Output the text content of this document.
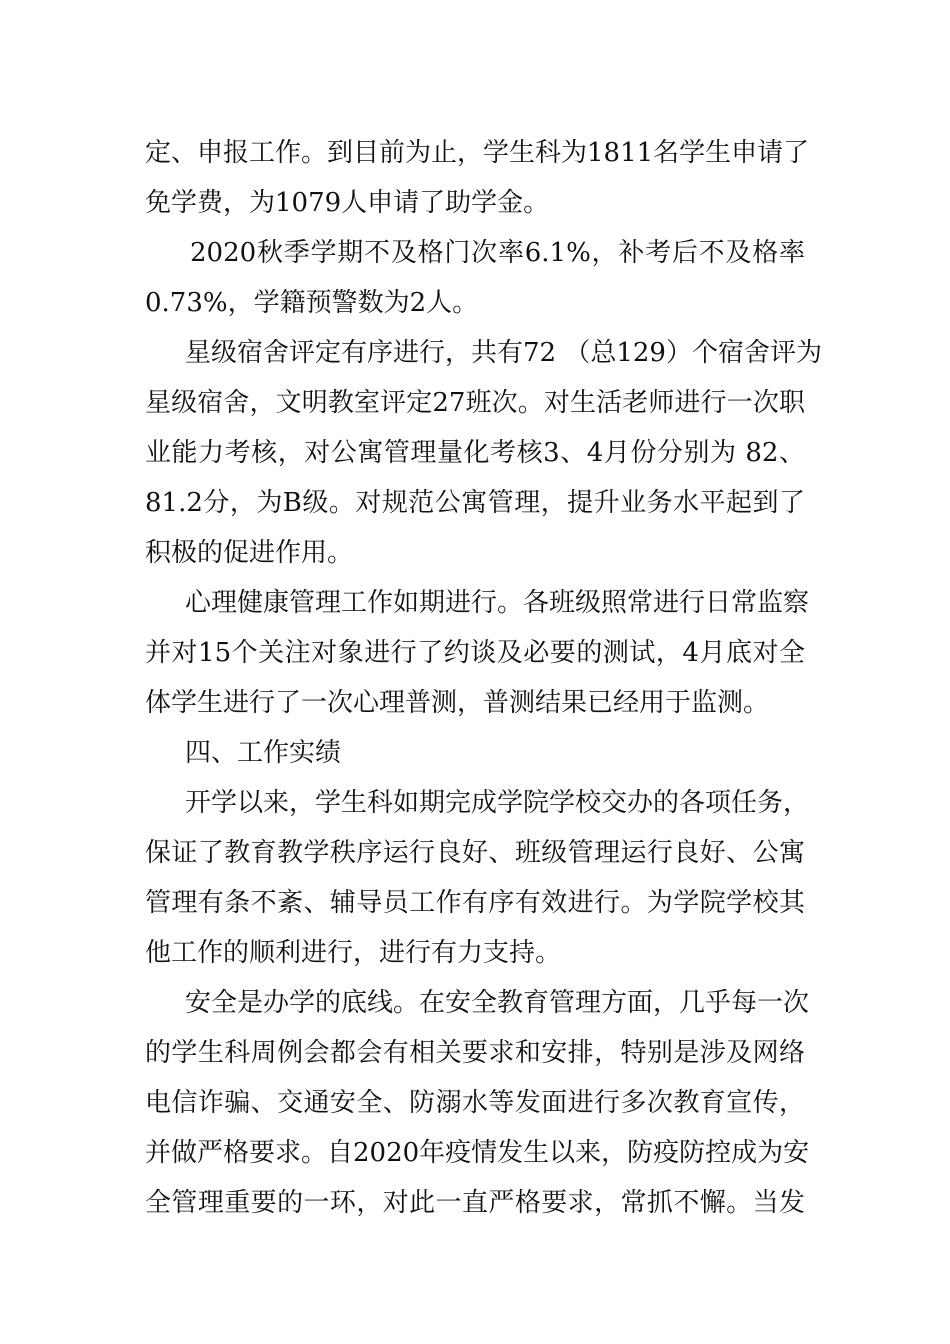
定、申报工作。到目前为止，学生科为1811名学生申请了
免学费，为1079人申请了助学金。
2020秋季学期不及格门次率6.1%，补考后不及格率
0.73%，学籍预警数为2人。
星级宿舍评定有序进行，共有72 （总129）个宿舍评为
星级宿舍，文明教室评定27班次。对生活老师进行一次职
业能力考核，对公寓管理量化考核3、4月份分别为 82、
81.2分，为B级。对规范公寓管理，提升业务水平起到了
积极的促进作用。
心理健康管理工作如期进行。各班级照常进行日常监察
并对15个关注对象进行了约谈及必要的测试，4月底对全
体学生进行了一次心理普测，普测结果已经用于监测。
四、工作实绩
开学以来，学生科如期完成学院学校交办的各项任务，
保证了教育教学秩序运行良好、班级管理运行良好、公寓
管理有条不紊、辅导员工作有序有效进行。为学院学校其
他工作的顺利进行，进行有力支持。
安全是办学的底线。在安全教育管理方面，几乎每一次
的学生科周例会都会有相关要求和安排，特别是涉及网络
电信诈骗、交通安全、防溺水等发面进行多次教育宣传，
并做严格要求。自2020年疫情发生以来，防疫防控成为安
全管理重要的一环，对此一直严格要求，常抓不懈。当发
